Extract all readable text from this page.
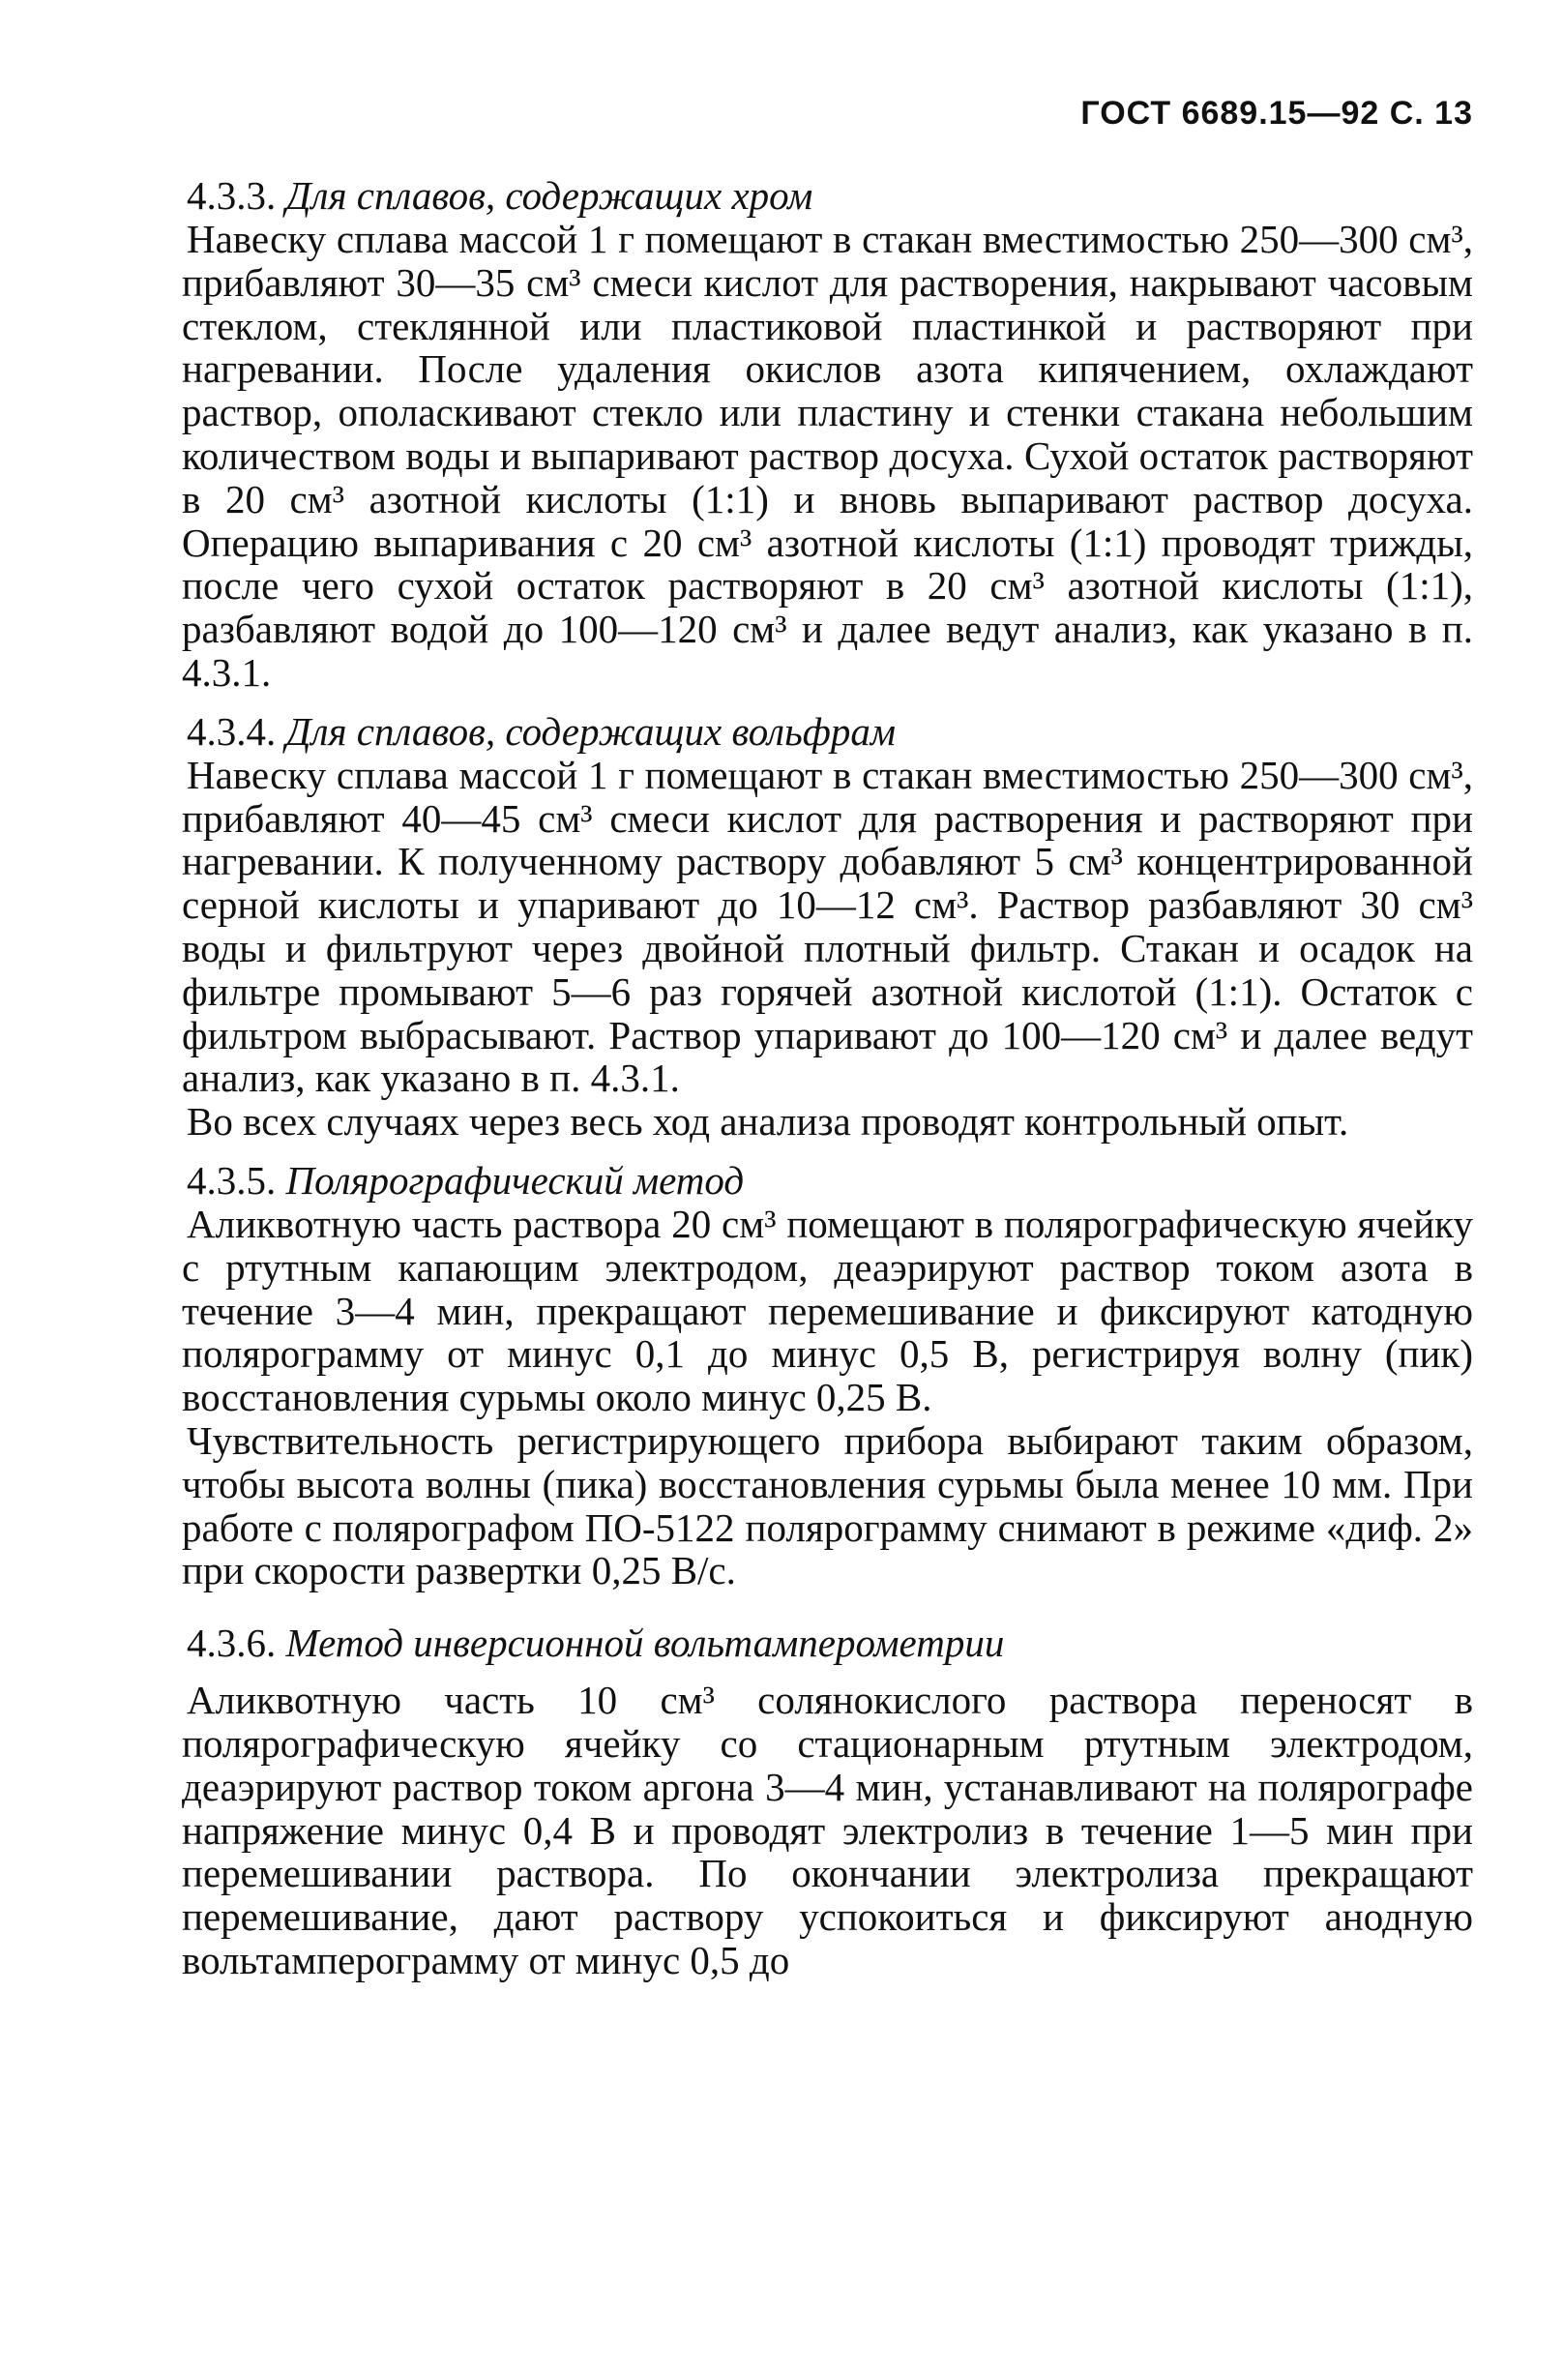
ГОСТ 6689.15—92 С. 13

4.3.3. Для сплавов, содержащих хром

Навеску сплава массой 1 г помещают в стакан вместимостью 250—300 см³, прибавляют 30—35 см³ смеси кислот для растворения, накрывают часовым стеклом, стеклянной или пластиковой пластинкой и растворяют при нагревании. После удаления окислов азота кипячением, охлаждают раствор, ополаскивают стекло или пластину и стенки стакана небольшим количеством воды и выпаривают раствор досуха. Сухой остаток растворяют в 20 см³ азотной кислоты (1:1) и вновь выпаривают раствор досуха. Операцию выпаривания с 20 см³ азотной кислоты (1:1) проводят трижды, после чего сухой остаток растворяют в 20 см³ азотной кислоты (1:1), разбавляют водой до 100—120 см³ и далее ведут анализ, как указано в п. 4.3.1.

4.3.4. Для сплавов, содержащих вольфрам

Навеску сплава массой 1 г помещают в стакан вместимостью 250—300 см³, прибавляют 40—45 см³ смеси кислот для растворения и растворяют при нагревании. К полученному раствору добавляют 5 см³ концентрированной серной кислоты и упаривают до 10—12 см³. Раствор разбавляют 30 см³ воды и фильтруют через двойной плотный фильтр. Стакан и осадок на фильтре промывают 5—6 раз горячей азотной кислотой (1:1). Остаток с фильтром выбрасывают. Раствор упаривают до 100—120 см³ и далее ведут анализ, как указано в п. 4.3.1.

Во всех случаях через весь ход анализа проводят контрольный опыт.

4.3.5. Полярографический метод

Аликвотную часть раствора 20 см³ помещают в полярографическую ячейку с ртутным капающим электродом, деаэрируют раствор током азота в течение 3—4 мин, прекращают перемешивание и фиксируют катодную полярограмму от минус 0,1 до минус 0,5 В, регистрируя волну (пик) восстановления сурьмы около минус 0,25 В.

Чувствительность регистрирующего прибора выбирают таким образом, чтобы высота волны (пика) восстановления сурьмы была менее 10 мм. При работе с полярографом ПО-5122 полярограмму снимают в режиме «диф. 2» при скорости развертки 0,25 В/с.

4.3.6. Метод инверсионной вольтамперометрии

Аликвотную часть 10 см³ солянокислого раствора переносят в полярографическую ячейку со стационарным ртутным электродом, деаэрируют раствор током аргона 3—4 мин, устанавливают на полярографе напряжение минус 0,4 В и проводят электролиз в течение 1—5 мин при перемешивании раствора. По окончании электролиза прекращают перемешивание, дают раствору успокоиться и фиксируют анодную вольтамперограмму от минус 0,5 до
